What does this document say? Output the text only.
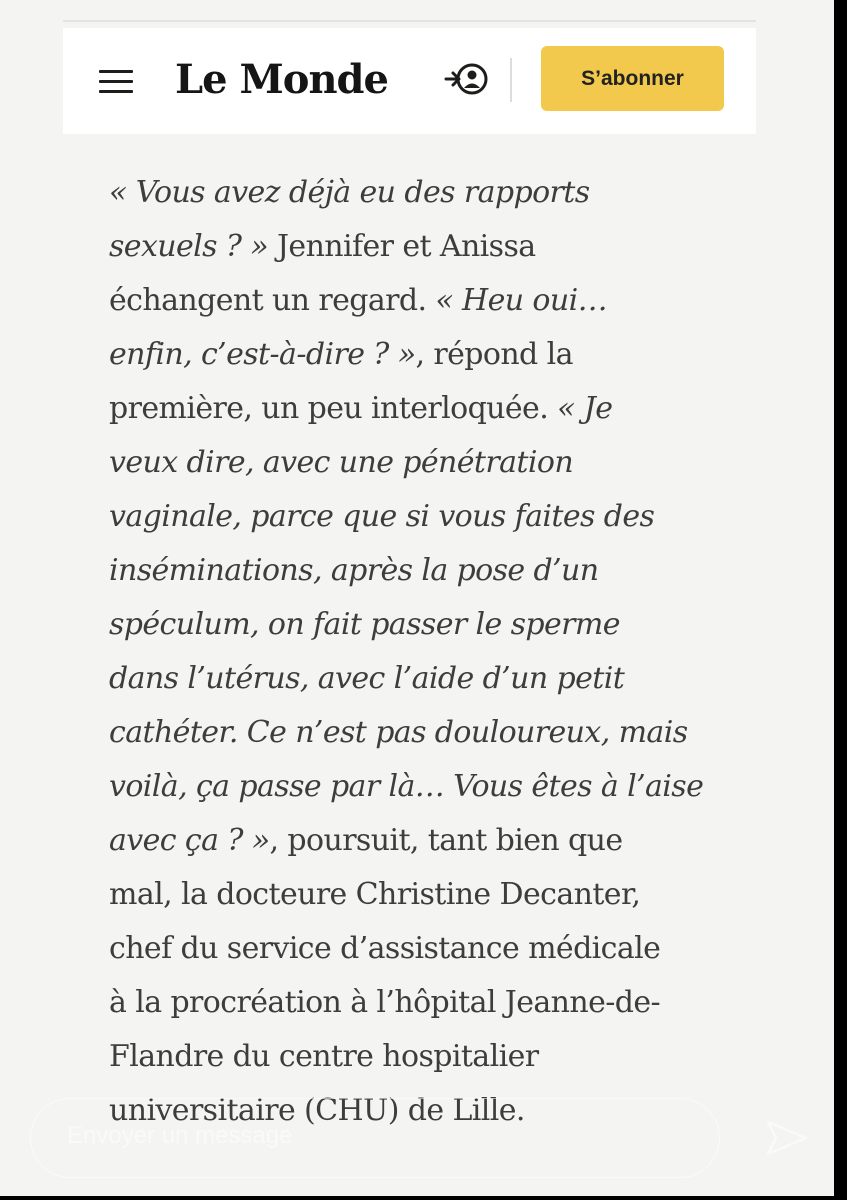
Le Monde	S’abonner
« Vous avez déjà eu des rapports
sexuels ? » Jennifer et Anissa
échangent un regard. « Heu oui…
enfin, c’est-à-dire ? », répond la
première, un peu interloquée. « Je
veux dire, avec une pénétration
vaginale, parce que si vous faites des
inséminations, après la pose d’un
spéculum, on fait passer le sperme
dans l’utérus, avec l’aide d’un petit
cathéter. Ce n’est pas douloureux, mais
voilà, ça passe par là… Vous êtes à l’aise
avec ça ? », poursuit, tant bien que
mal, la docteure Christine Decanter,
chef du service d’assistance médicale
à la procréation à l’hôpital Jeanne-de-
Flandre du centre hospitalier
universitaire (CHU) de Lille.
Envoyer un message
